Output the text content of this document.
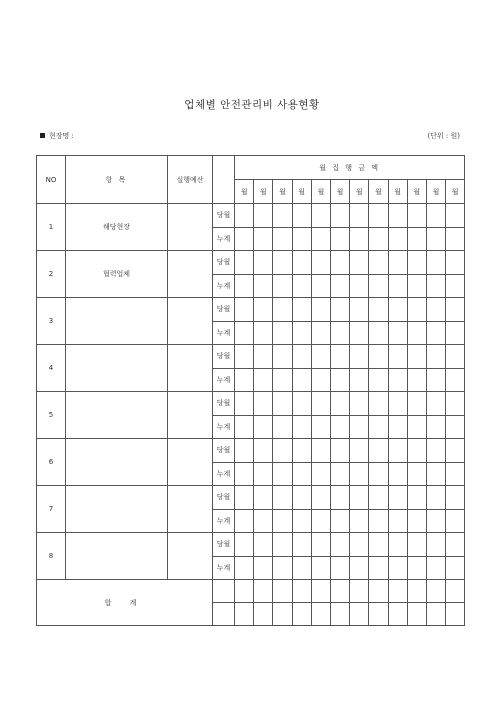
업체별 안전관리비 사용현황
현장명 :	(단위 : 원)
NO	항 목	실행예산		월 집 행 금 액											
				월	월	월	월	월	월	월	월	월	월	월	월
1	해당현장		당월												
			누계												
2	협력업체		당월												
			누계												
3			당월												
			누계												
4			당월												
			누계												
5			당월												
			누계												
6			당월												
			누계												
7			당월												
			누계												
8			당월												
			누계												
합 계															
